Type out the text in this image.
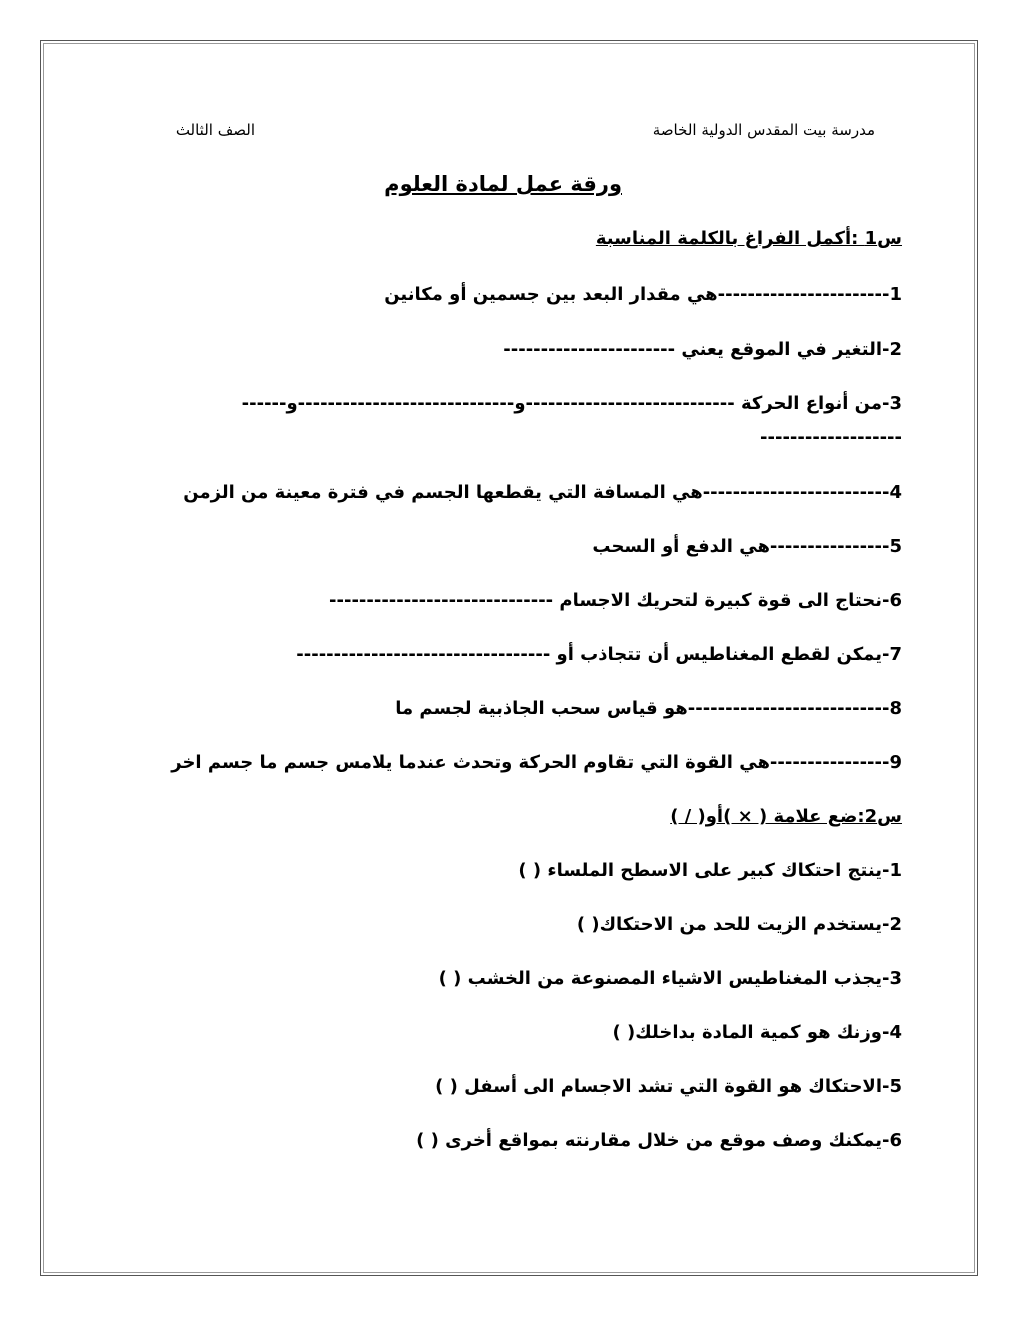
مدرسة بيت المقدس الدولية الخاصة
الصف الثالث
ورقة عمل لمادة العلوم
س1 :أكمل الفراغ بالكلمة المناسبة
1-----------------------هي مقدار البعد بين جسمين أو مكانين
2-التغير في الموقع يعني -----------------------
3-من أنواع الحركة ----------------------------و-----------------------------و------
-------------------
4-------------------------هي المسافة التي يقطعها الجسم في فترة معينة من الزمن
5----------------هي الدفع أو السحب
6-نحتاج الى قوة كبيرة لتحريك الاجسام ------------------------------
7-يمكن لقطع المغناطيس أن تتجاذب أو ----------------------------------
8---------------------------هو قياس سحب الجاذبية لجسم ما
9----------------هي القوة التي تقاوم الحركة وتحدث عندما يلامس جسم ما جسم اخر
س2:ضع علامة ( × )أو( / )
1-ينتج احتكاك كبير على الاسطح الملساء ( )
2-يستخدم الزيت للحد من الاحتكاك( )
3-يجذب المغناطيس الاشياء المصنوعة من الخشب ( )
4-وزنك هو كمية المادة بداخلك( )
5-الاحتكاك هو القوة التي تشد الاجسام الى أسفل ( )
6-يمكنك وصف موقع من خلال مقارنته بمواقع أخرى ( )
